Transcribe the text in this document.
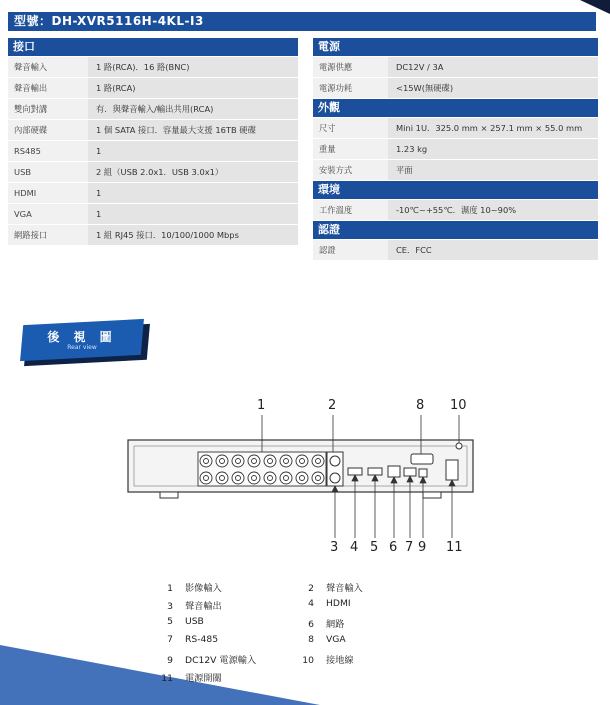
型號：DH-XVR5116H-4KL-I3
接口
聲音輸入	1 路(RCA)．16 路(BNC)
聲音輸出	1 路(RCA)
雙向對講	有．與聲音輸入/輸出共用(RCA)
內部硬碟	1 個 SATA 接口．容量最大支援 16TB 硬碟
RS485	1
USB	2 組（USB 2.0x1．USB 3.0x1）
HDMI	1
VGA	1
網路接口	1 組 RJ45 接口．10/100/1000 Mbps
電源
電源供應	DC12V / 3A
電源功耗	<15W(無硬碟)
外觀
尺寸	Mini 1U．325.0 mm × 257.1 mm × 55.0 mm
重量	1.23 kg
安裝方式	平面
環境
工作溫度	-10℃~+55℃．濕度 10~90%
認證
認證	CE．FCC
後 視 圖
Rear view
1	2	8 10
3 4 5 6 7 9 11
1 影像輸入	2 聲音輸入
3 聲音輸出	4 HDMI
5 USB	6 網路
7 RS-485	8 VGA
9 DC12V 電源輸入	10 接地線
11 電源開關
